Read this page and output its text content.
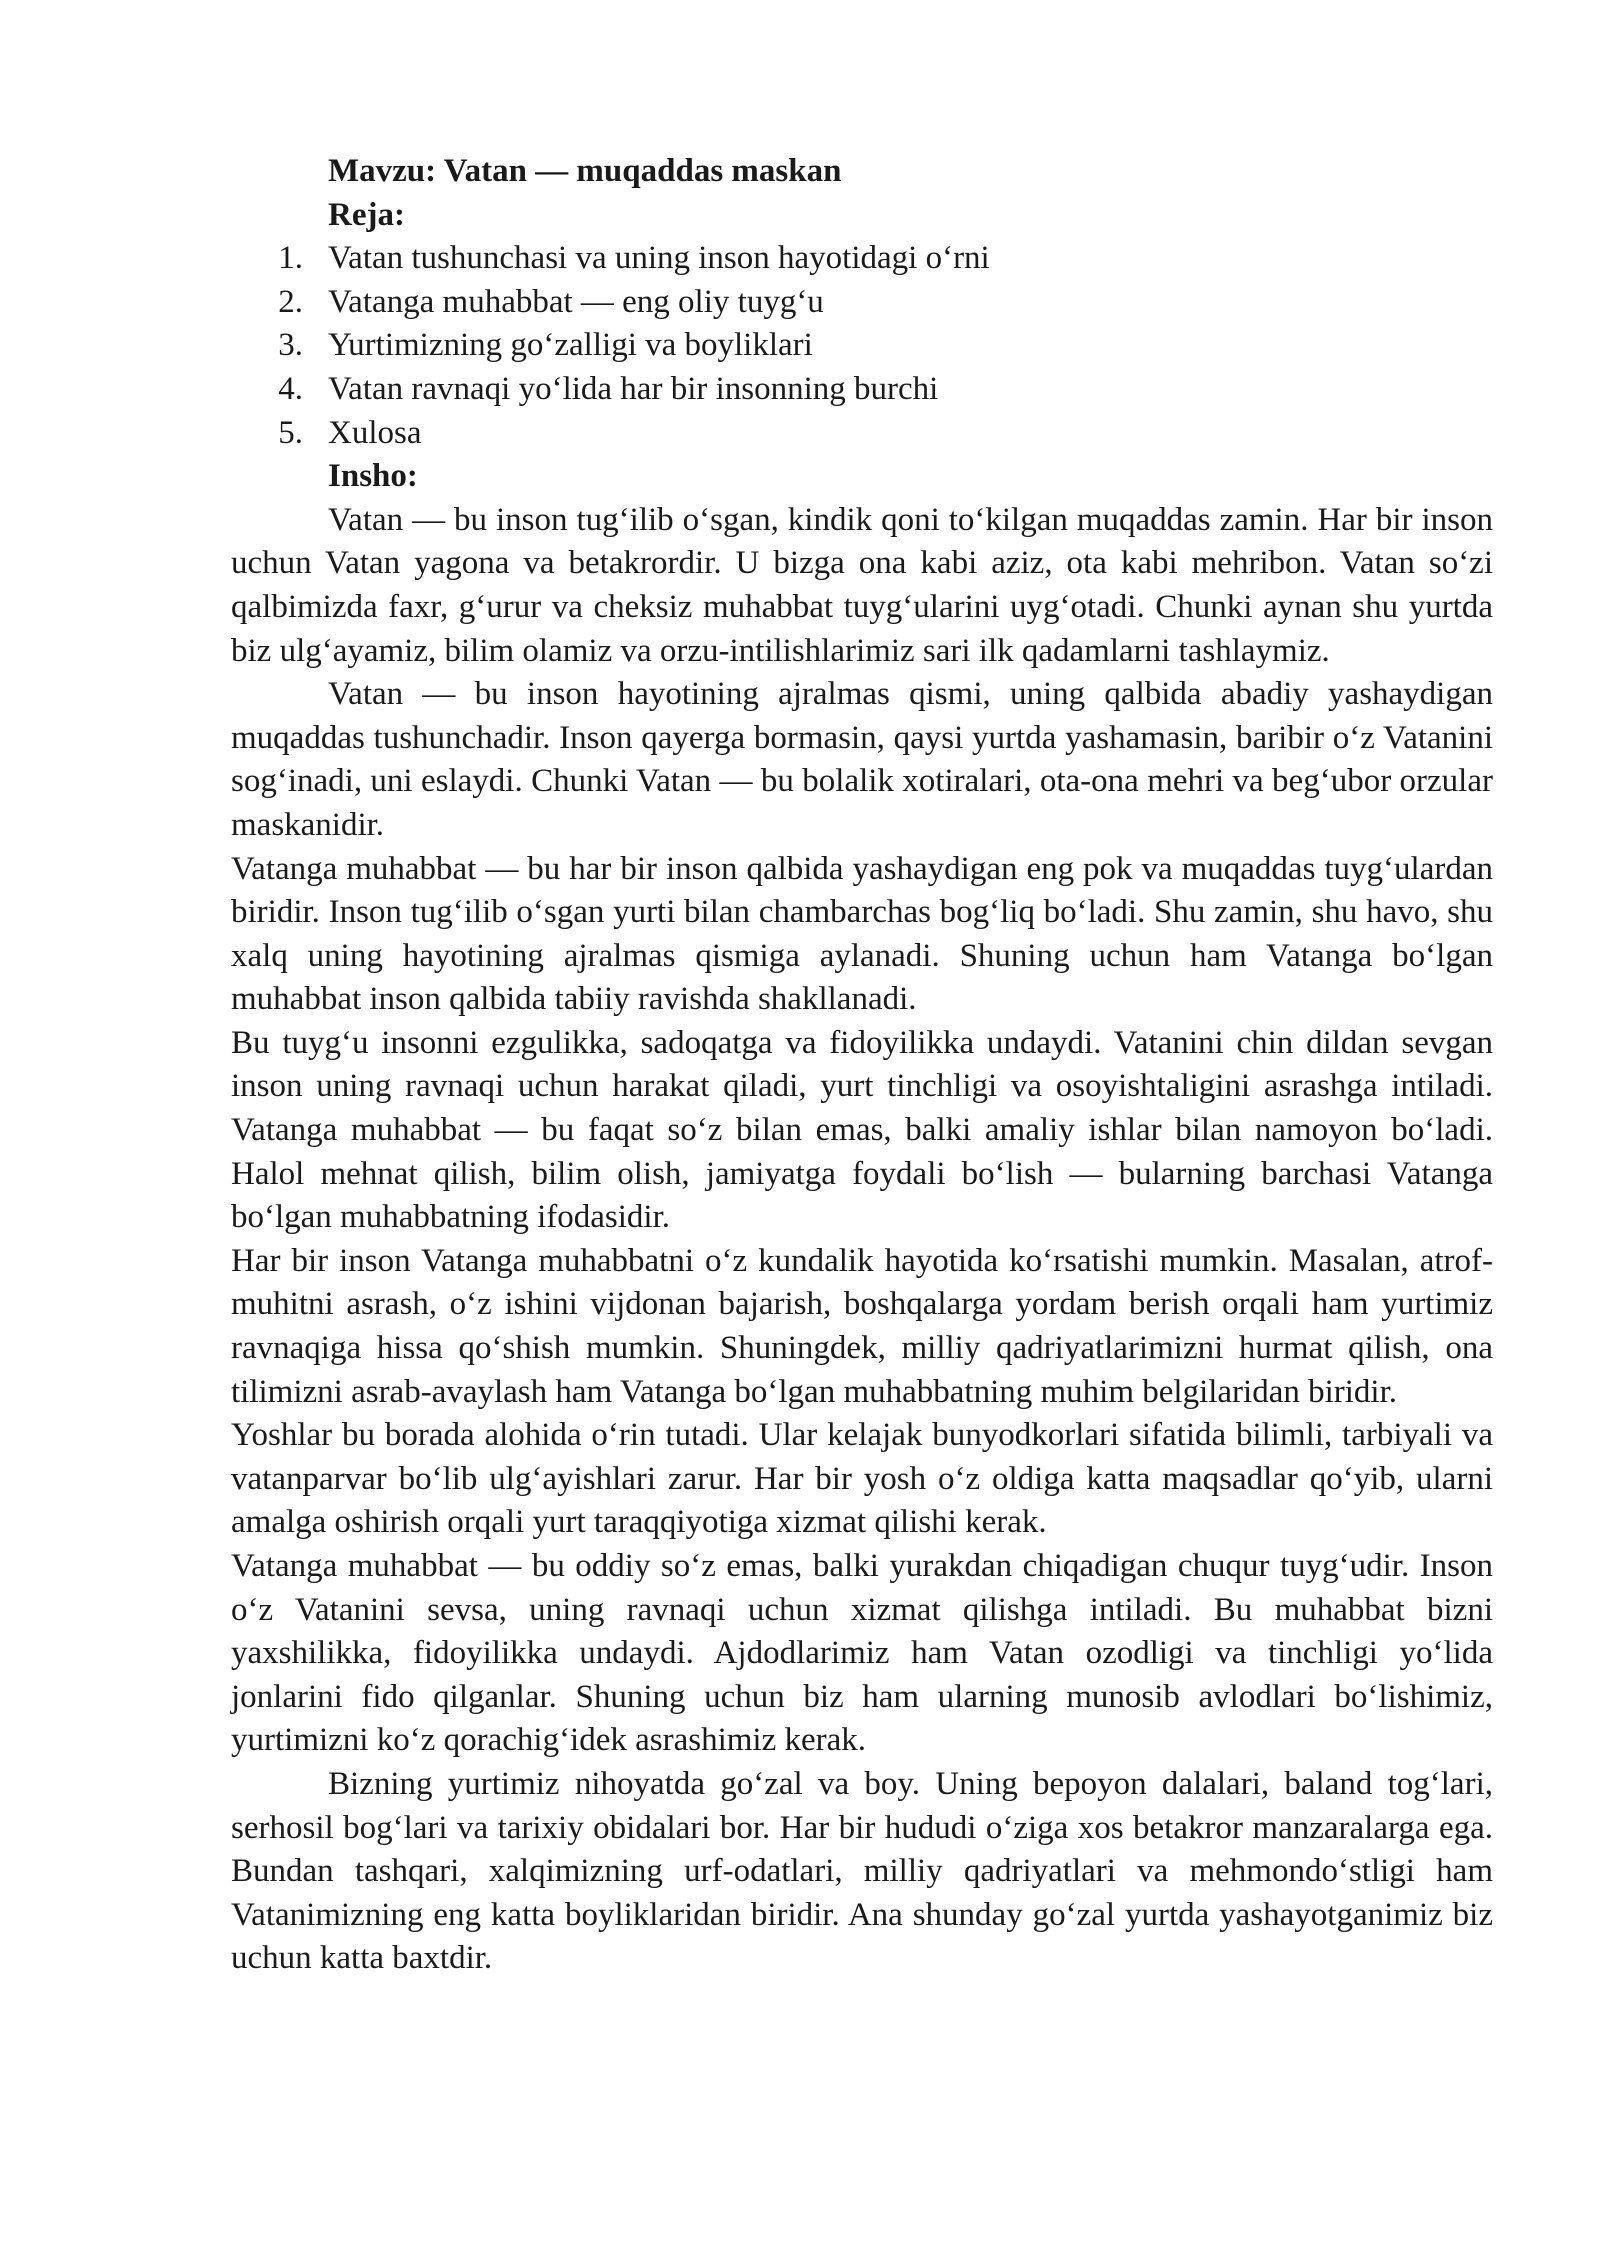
Mavzu: Vatan — muqaddas maskan

Reja:

1. Vatan tushunchasi va uning inson hayotidagi o‘rni
2. Vatanga muhabbat — eng oliy tuyg‘u
3. Yurtimizning go‘zalligi va boyliklari
4. Vatan ravnaqi yo‘lida har bir insonning burchi
5. Xulosa

Insho:

Vatan — bu inson tug‘ilib o‘sgan, kindik qoni to‘kilgan muqaddas zamin. Har bir inson uchun Vatan yagona va betakrordir. U bizga ona kabi aziz, ota kabi mehribon. Vatan so‘zi qalbimizda faxr, g‘urur va cheksiz muhabbat tuyg‘ularini uyg‘otadi. Chunki aynan shu yurtda biz ulg‘ayamiz, bilim olamiz va orzu-intilishlarimiz sari ilk qadamlarni tashlaymiz.

Vatan — bu inson hayotining ajralmas qismi, uning qalbida abadiy yashaydigan muqaddas tushunchadir. Inson qayerga bormasin, qaysi yurtda yashamasin, baribir o‘z Vatanini sog‘inadi, uni eslaydi. Chunki Vatan — bu bolalik xotiralari, ota-ona mehri va beg‘ubor orzular maskanidir.

Vatanga muhabbat — bu har bir inson qalbida yashaydigan eng pok va muqaddas tuyg‘ulardan biridir. Inson tug‘ilib o‘sgan yurti bilan chambarchas bog‘liq bo‘ladi. Shu zamin, shu havo, shu xalq uning hayotining ajralmas qismiga aylanadi. Shuning uchun ham Vatanga bo‘lgan muhabbat inson qalbida tabiiy ravishda shakllanadi.

Bu tuyg‘u insonni ezgulikka, sadoqatga va fidoyilikka undaydi. Vatanini chin dildan sevgan inson uning ravnaqi uchun harakat qiladi, yurt tinchligi va osoyishtaligini asrashga intiladi. Vatanga muhabbat — bu faqat so‘z bilan emas, balki amaliy ishlar bilan namoyon bo‘ladi. Halol mehnat qilish, bilim olish, jamiyatga foydali bo‘lish — bularning barchasi Vatanga bo‘lgan muhabbatning ifodasidir.

Har bir inson Vatanga muhabbatni o‘z kundalik hayotida ko‘rsatishi mumkin. Masalan, atrof-muhitni asrash, o‘z ishini vijdonan bajarish, boshqalarga yordam berish orqali ham yurtimiz ravnaqiga hissa qo‘shish mumkin. Shuningdek, milliy qadriyatlarimizni hurmat qilish, ona tilimizni asrab-avaylash ham Vatanga bo‘lgan muhabbatning muhim belgilaridan biridir.

Yoshlar bu borada alohida o‘rin tutadi. Ular kelajak bunyodkorlari sifatida bilimli, tarbiyali va vatanparvar bo‘lib ulg‘ayishlari zarur. Har bir yosh o‘z oldiga katta maqsadlar qo‘yib, ularni amalga oshirish orqali yurt taraqqiyotiga xizmat qilishi kerak.

Vatanga muhabbat — bu oddiy so‘z emas, balki yurakdan chiqadigan chuqur tuyg‘udir. Inson o‘z Vatanini sevsa, uning ravnaqi uchun xizmat qilishga intiladi. Bu muhabbat bizni yaxshilikka, fidoyilikka undaydi. Ajdodlarimiz ham Vatan ozodligi va tinchligi yo‘lida jonlarini fido qilganlar. Shuning uchun biz ham ularning munosib avlodlari bo‘lishimiz, yurtimizni ko‘z qorachig‘idek asrashimiz kerak.

Bizning yurtimiz nihoyatda go‘zal va boy. Uning bepoyon dalalari, baland tog‘lari, serhosil bog‘lari va tarixiy obidalari bor. Har bir hududi o‘ziga xos betakror manzaralarga ega. Bundan tashqari, xalqimizning urf-odatlari, milliy qadriyatlari va mehmondo‘stligi ham Vatanimizning eng katta boyliklaridan biridir. Ana shunday go‘zal yurtda yashayotganimiz biz uchun katta baxtdir.
